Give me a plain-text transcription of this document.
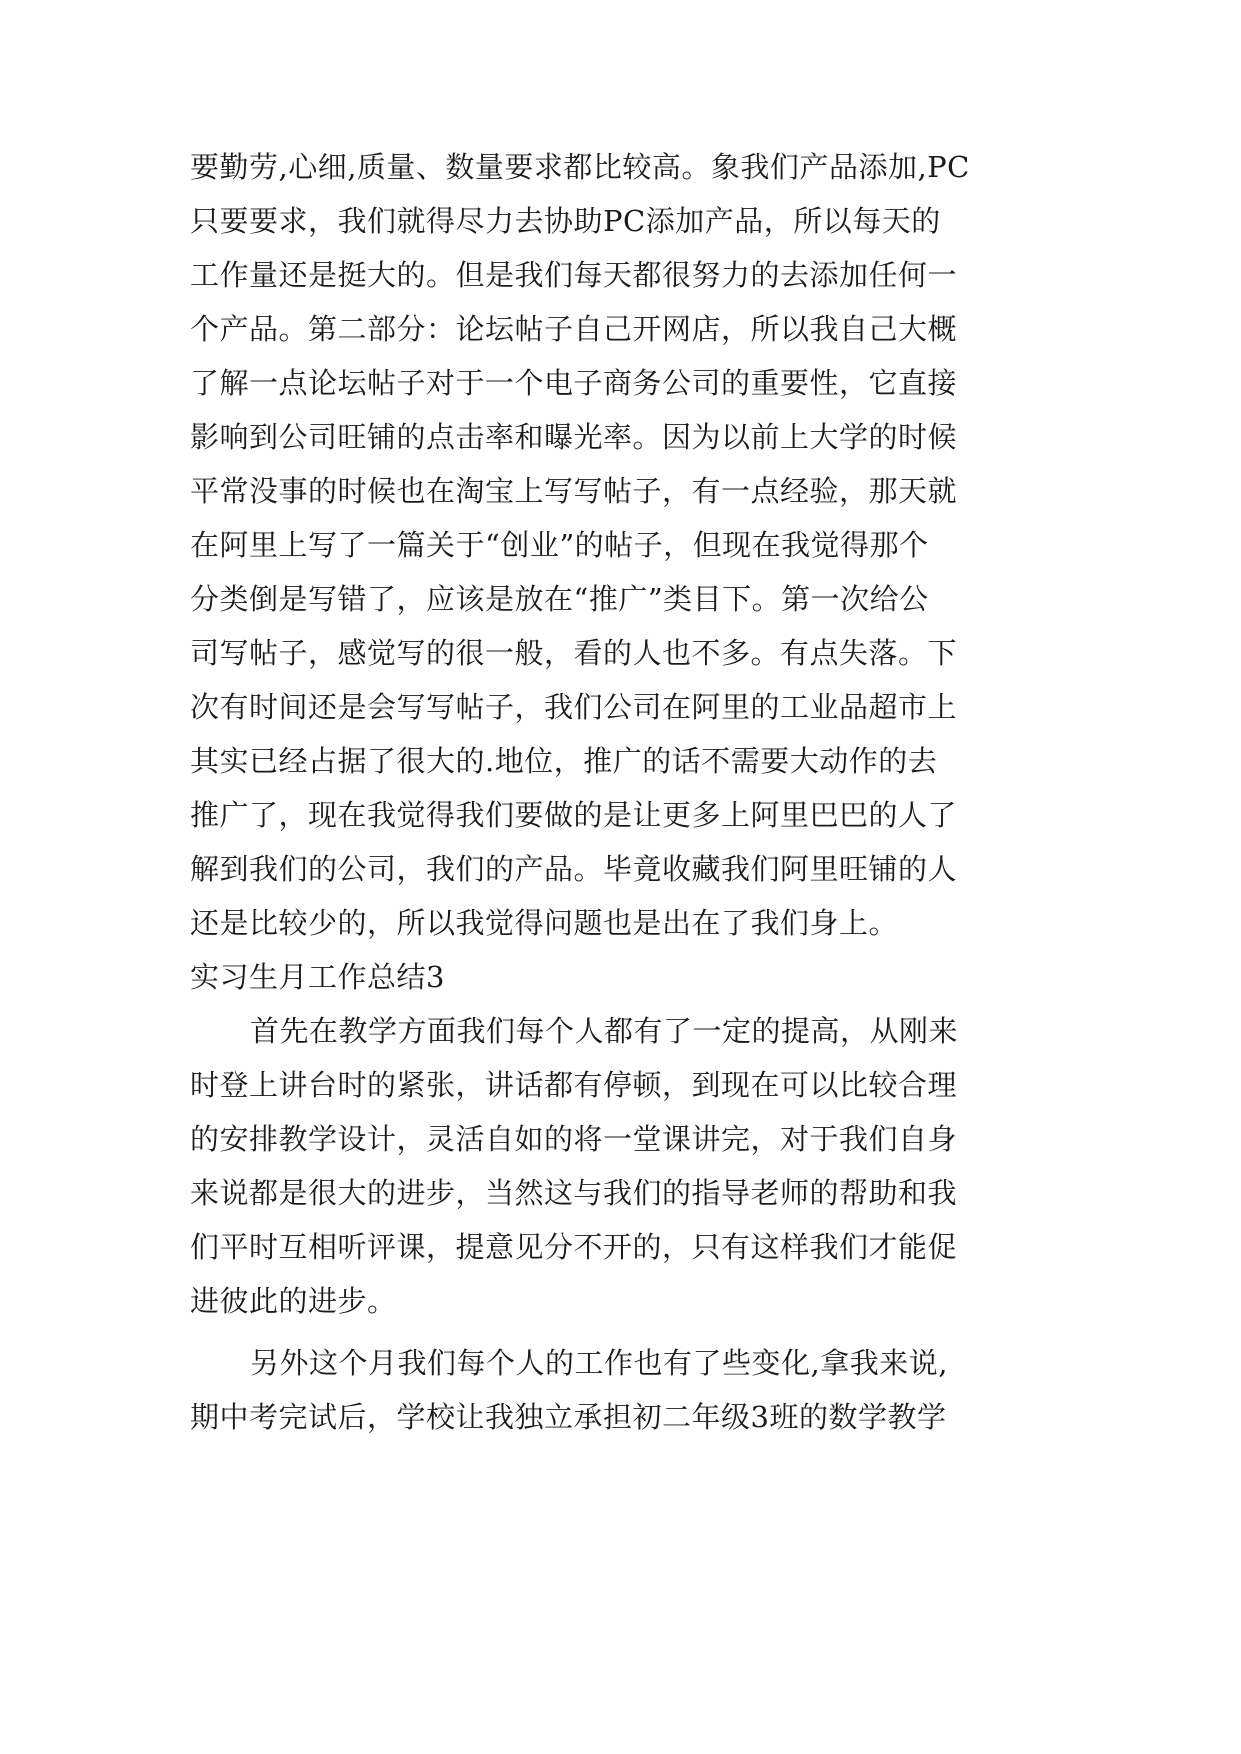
要勤劳,心细,质量、数量要求都比较高。象我们产品添加,PC
只要要求，我们就得尽力去协助PC添加产品，所以每天的
工作量还是挺大的。但是我们每天都很努力的去添加任何一
个产品。第二部分：论坛帖子自己开网店，所以我自己大概
了解一点论坛帖子对于一个电子商务公司的重要性，它直接
影响到公司旺铺的点击率和曝光率。因为以前上大学的时候
平常没事的时候也在淘宝上写写帖子，有一点经验，那天就
在阿里上写了一篇关于“创业”的帖子，但现在我觉得那个
分类倒是写错了，应该是放在“推广”类目下。第一次给公
司写帖子，感觉写的很一般，看的人也不多。有点失落。下
次有时间还是会写写帖子，我们公司在阿里的工业品超市上
其实已经占据了很大的.地位，推广的话不需要大动作的去
推广了，现在我觉得我们要做的是让更多上阿里巴巴的人了
解到我们的公司，我们的产品。毕竟收藏我们阿里旺铺的人
还是比较少的，所以我觉得问题也是出在了我们身上。
实习生月工作总结3
首先在教学方面我们每个人都有了一定的提高，从刚来
时登上讲台时的紧张，讲话都有停顿，到现在可以比较合理
的安排教学设计，灵活自如的将一堂课讲完，对于我们自身
来说都是很大的进步，当然这与我们的指导老师的帮助和我
们平时互相听评课，提意见分不开的，只有这样我们才能促
进彼此的进步。
另外这个月我们每个人的工作也有了些变化,拿我来说,
期中考完试后，学校让我独立承担初二年级3班的数学教学
